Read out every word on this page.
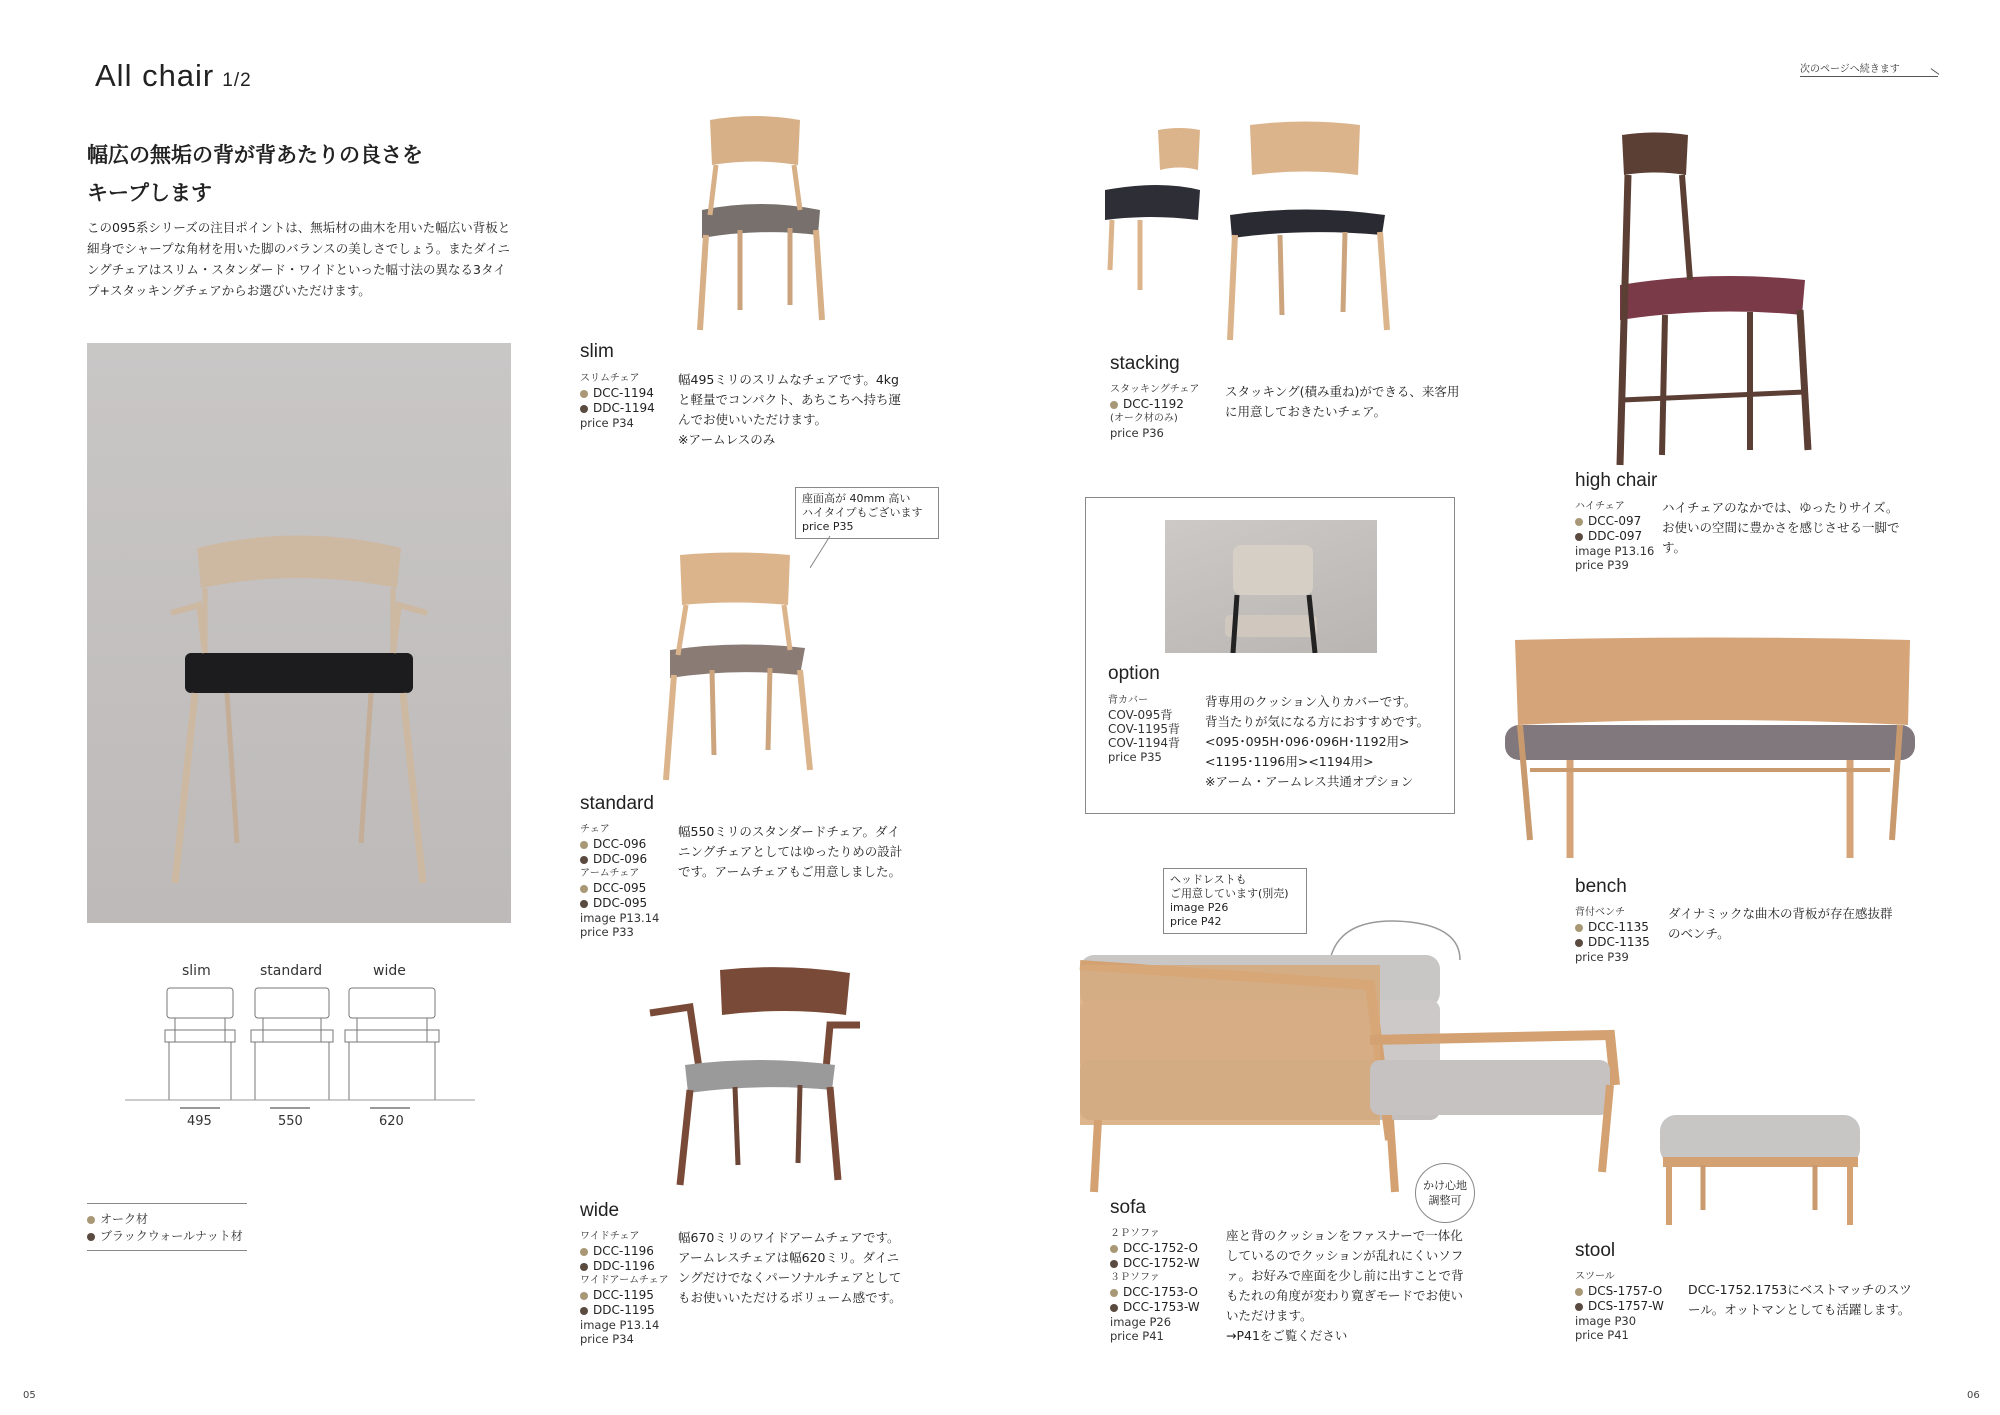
All chair 1/2
次のページへ続きます
幅広の無垢の背が背あたりの良さを
キープします
この095系シリーズの注目ポイントは、無垢材の曲木を用いた幅広い背板と細身でシャープな角材を用いた脚のバランスの美しさでしょう。またダイニングチェアはスリム・スタンダード・ワイドといった幅寸法の異なる3タイプ+スタッキングチェアからお選びいただけます。
slim	standard	wide
495	550	620
オーク材
ブラックウォールナット材
slim
スリムチェア
DCC-1194
DDC-1194
price P34
幅495ミリのスリムなチェアです。4kgと軽量でコンパクト、あちこちへ持ち運んでお使いいただけます。
※アームレスのみ
座面高が 40mm 高い
ハイタイプもございます
price P35
standard
チェア
DCC-096
DDC-096
アームチェア
DCC-095
DDC-095
image P13.14
price P33
幅550ミリのスタンダードチェア。ダイニングチェアとしてはゆったりめの設計です。アームチェアもご用意しました。
wide
ワイドチェア
DCC-1196
DDC-1196
ワイドアームチェア
DCC-1195
DDC-1195
image P13.14
price P34
幅670ミリのワイドアームチェアです。アームレスチェアは幅620ミリ。ダイニングだけでなくパーソナルチェアとしてもお使いいただけるボリューム感です。
stacking
スタッキングチェア
DCC-1192
(オーク材のみ)
price P36
スタッキング(積み重ね)ができる、来客用に用意しておきたいチェア。
option
背カバー
COV-095背
COV-1195背
COV-1194背
price P35
背専用のクッション入りカバーです。
背当たりが気になる方におすすめです。
<095･095H･096･096H･1192用>
<1195･1196用><1194用>
※アーム・アームレス共通オプション
high chair
ハイチェア
DCC-097
DDC-097
image P13.16
price P39
ハイチェアのなかでは、ゆったりサイズ。お使いの空間に豊かさを感じさせる一脚です。
bench
背付ベンチ
DCC-1135
DDC-1135
price P39
ダイナミックな曲木の背板が存在感抜群のベンチ。
ヘッドレストも
ご用意しています(別売)
image P26
price P42
かけ心地
調整可
sofa
２Ｐソファ
DCC-1752-O
DCC-1752-W
３Ｐソファ
DCC-1753-O
DCC-1753-W
image P26
price P41
座と背のクッションをファスナーで一体化しているのでクッションが乱れにくいソファ。お好みで座面を少し前に出すことで背もたれの角度が変わり寛ぎモードでお使いいただけます。
→P41をご覧ください
stool
スツール
DCS-1757-O
DCS-1757-W
image P30
price P41
DCC-1752.1753にベストマッチのスツール。オットマンとしても活躍します。
05	06
